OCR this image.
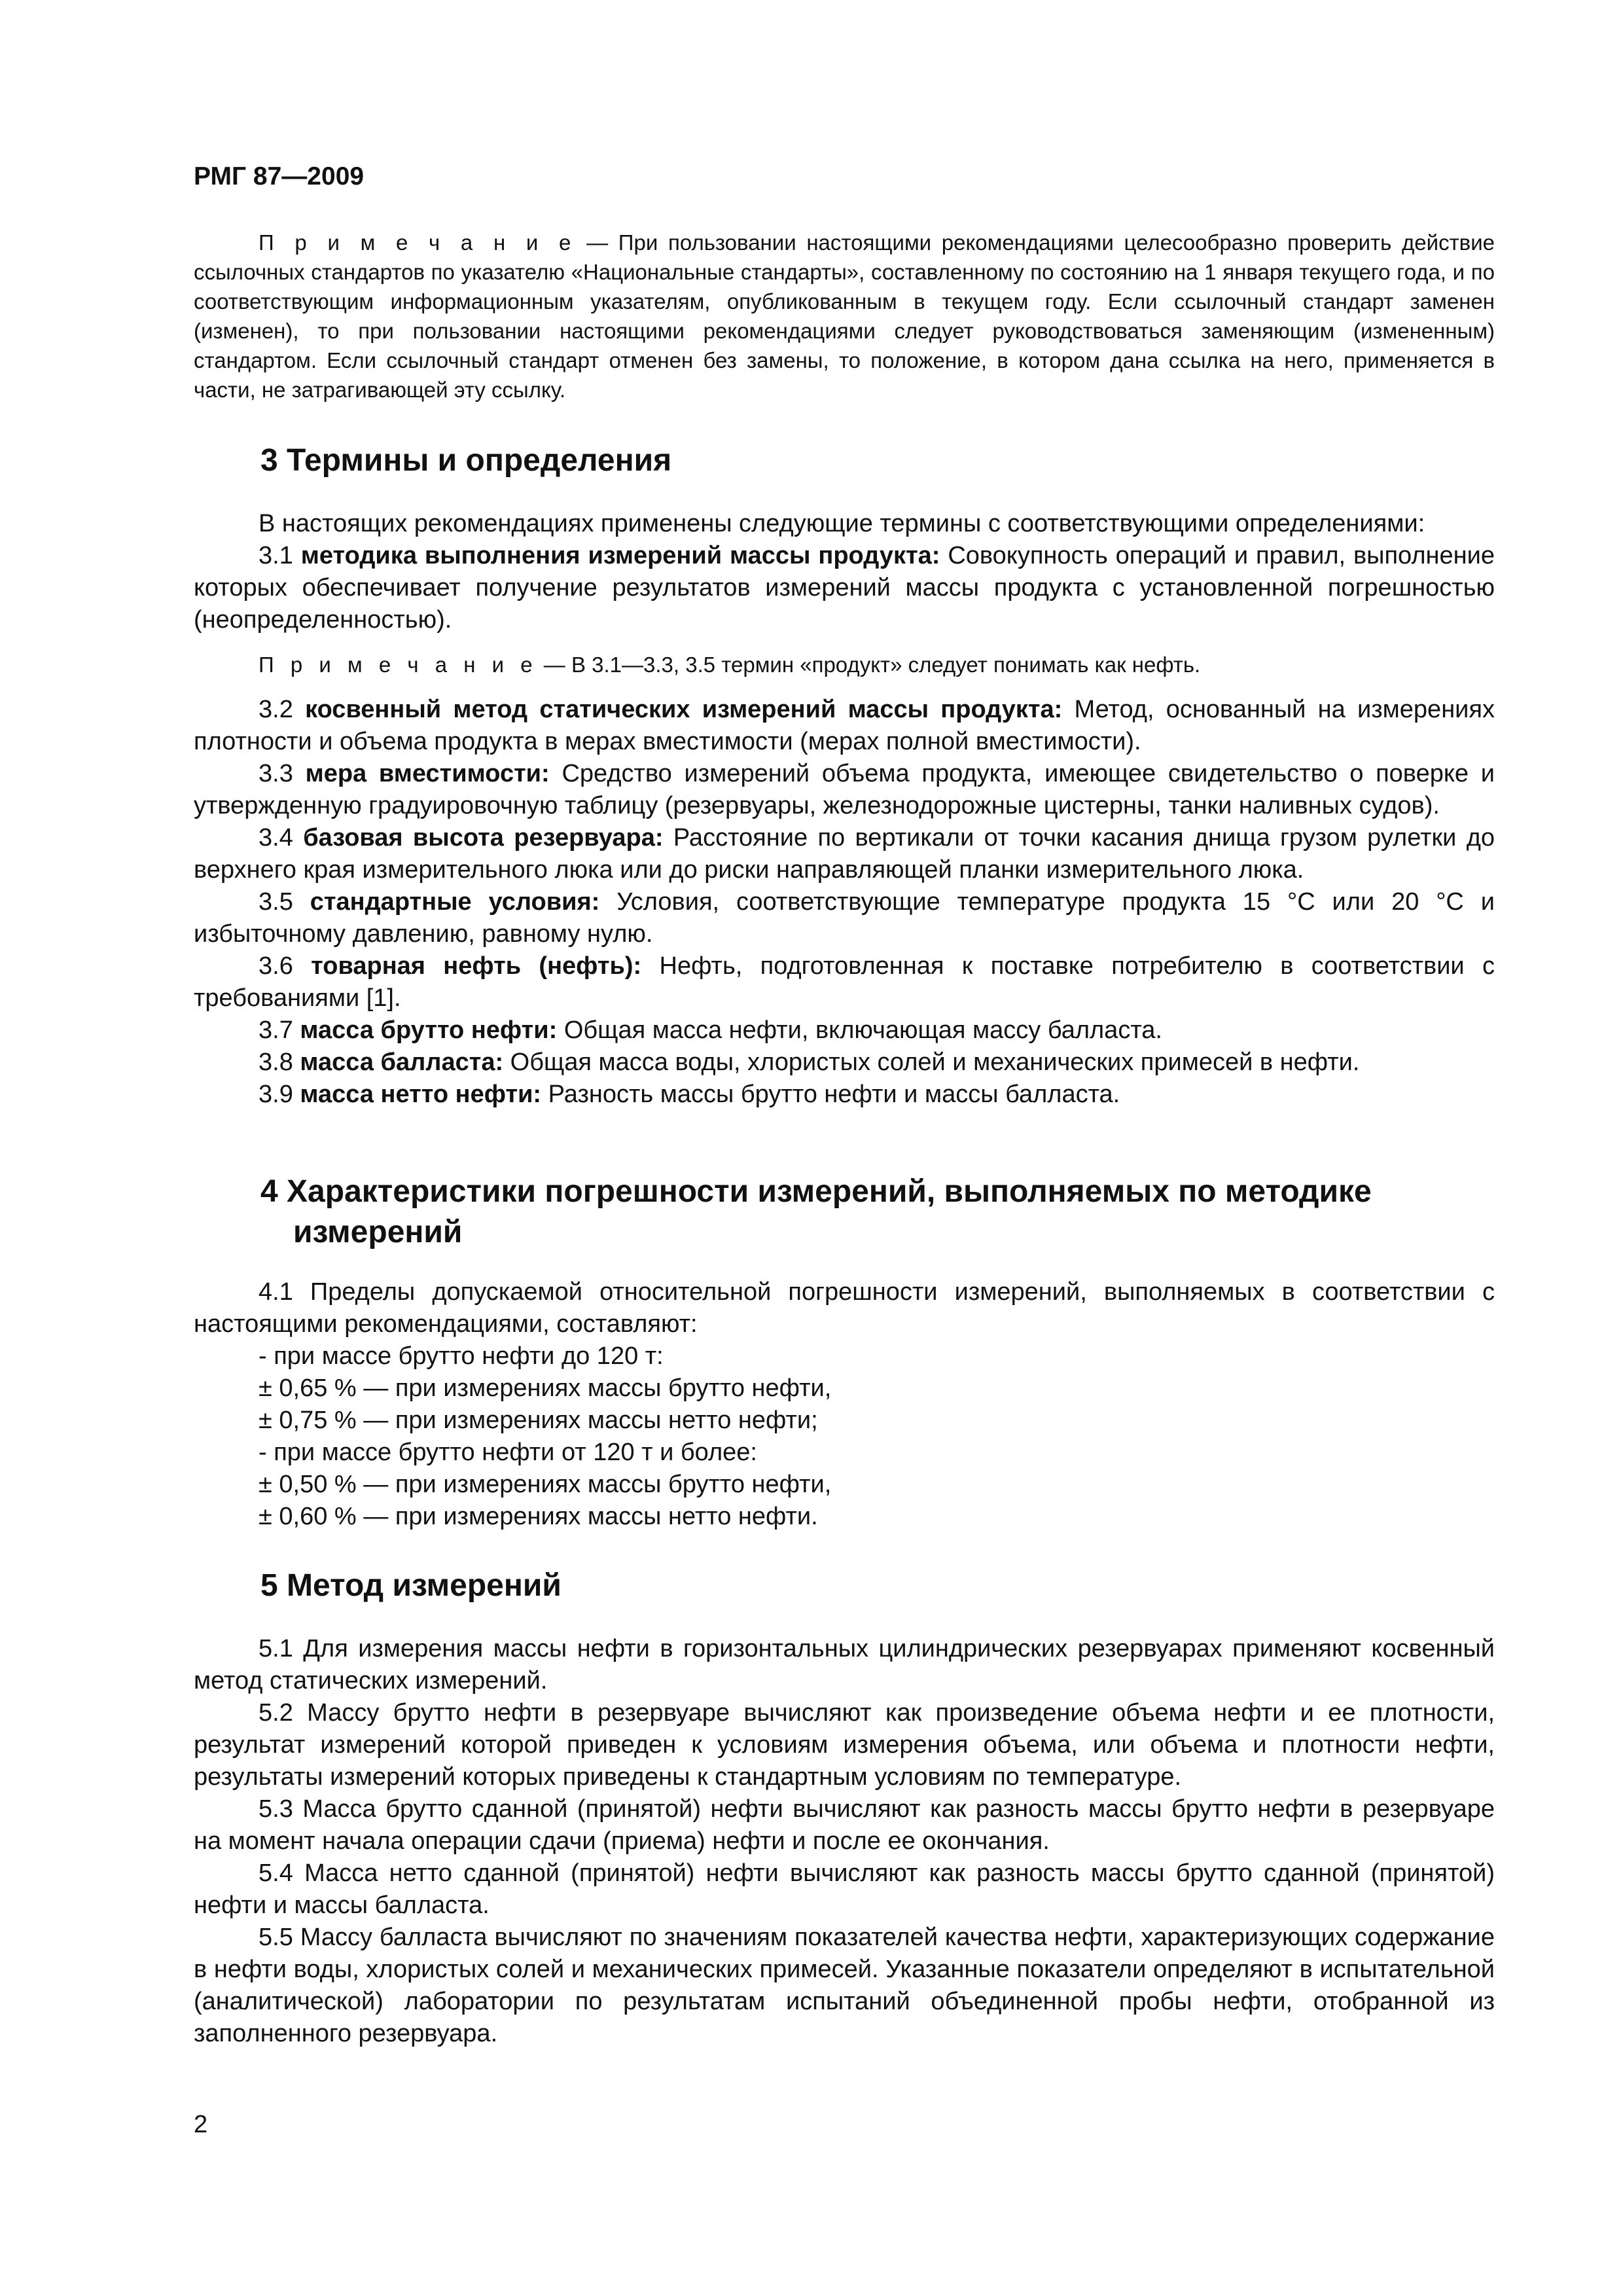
РМГ 87—2009

П р и м е ч а н и е — При пользовании настоящими рекомендациями целесообразно проверить действие ссылочных стандартов по указателю «Национальные стандарты», составленному по состоянию на 1 января текущего года, и по соответствующим информационным указателям, опубликованным в текущем году. Если ссылочный стандарт заменен (изменен), то при пользовании настоящими рекомендациями следует руководствоваться заменяющим (измененным) стандартом. Если ссылочный стандарт отменен без замены, то положение, в котором дана ссылка на него, применяется в части, не затрагивающей эту ссылку.

3 Термины и определения

В настоящих рекомендациях применены следующие термины с соответствующими определениями:

3.1 методика выполнения измерений массы продукта: Совокупность операций и правил, выполнение которых обеспечивает получение результатов измерений массы продукта с установленной погрешностью (неопределенностью).

П р и м е ч а н и е — В 3.1—3.3, 3.5 термин «продукт» следует понимать как нефть.

3.2 косвенный метод статических измерений массы продукта: Метод, основанный на измерениях плотности и объема продукта в мерах вместимости (мерах полной вместимости).

3.3 мера вместимости: Средство измерений объема продукта, имеющее свидетельство о поверке и утвержденную градуировочную таблицу (резервуары, железнодорожные цистерны, танки наливных судов).

3.4 базовая высота резервуара: Расстояние по вертикали от точки касания днища грузом рулетки до верхнего края измерительного люка или до риски направляющей планки измерительного люка.

3.5 стандартные условия: Условия, соответствующие температуре продукта 15 °С или 20 °С и избыточному давлению, равному нулю.

3.6 товарная нефть (нефть): Нефть, подготовленная к поставке потребителю в соответствии с требованиями [1].

3.7 масса брутто нефти: Общая масса нефти, включающая массу балласта.

3.8 масса балласта: Общая масса воды, хлористых солей и механических примесей в нефти.

3.9 масса нетто нефти: Разность массы брутто нефти и массы балласта.

4 Характеристики погрешности измерений, выполняемых по методике измерений

4.1 Пределы допускаемой относительной погрешности измерений, выполняемых в соответствии с настоящими рекомендациями, составляют:

- при массе брутто нефти до 120 т:

± 0,65 % — при измерениях массы брутто нефти,

± 0,75 % — при измерениях массы нетто нефти;

- при массе брутто нефти от 120 т и более:

± 0,50 % — при измерениях массы брутто нефти,

± 0,60 % — при измерениях массы нетто нефти.

5 Метод измерений

5.1 Для измерения массы нефти в горизонтальных цилиндрических резервуарах применяют косвенный метод статических измерений.

5.2 Массу брутто нефти в резервуаре вычисляют как произведение объема нефти и ее плотности, результат измерений которой приведен к условиям измерения объема, или объема и плотности нефти, результаты измерений которых приведены к стандартным условиям по температуре.

5.3 Масса брутто сданной (принятой) нефти вычисляют как разность массы брутто нефти в резервуаре на момент начала операции сдачи (приема) нефти и после ее окончания.

5.4 Масса нетто сданной (принятой) нефти вычисляют как разность массы брутто сданной (принятой) нефти и массы балласта.

5.5 Массу балласта вычисляют по значениям показателей качества нефти, характеризующих содержание в нефти воды, хлористых солей и механических примесей. Указанные показатели определяют в испытательной (аналитической) лаборатории по результатам испытаний объединенной пробы нефти, отобранной из заполненного резервуара.

2
